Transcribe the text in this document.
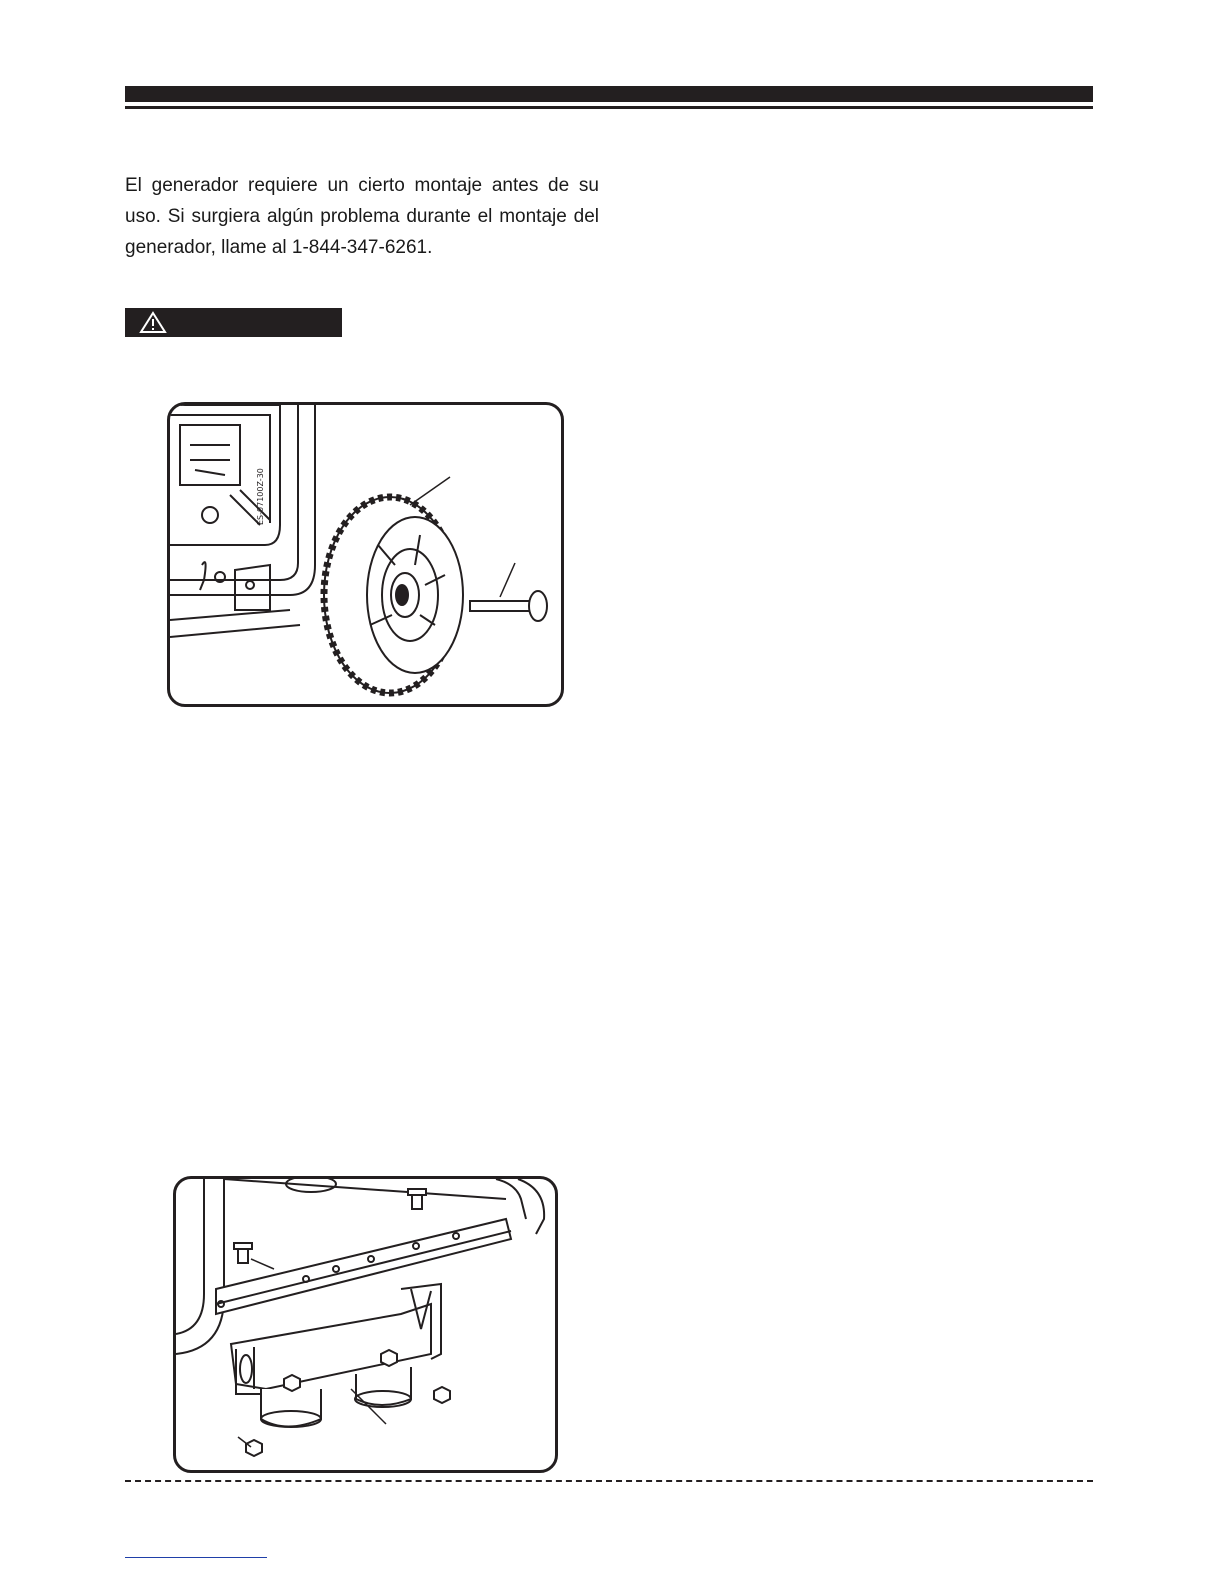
El generador requiere un cierto montaje antes de su uso. Si surgiera algún problema durante el montaje del generador, llame al 1-844-347-6261.

ES-07100Z-30
